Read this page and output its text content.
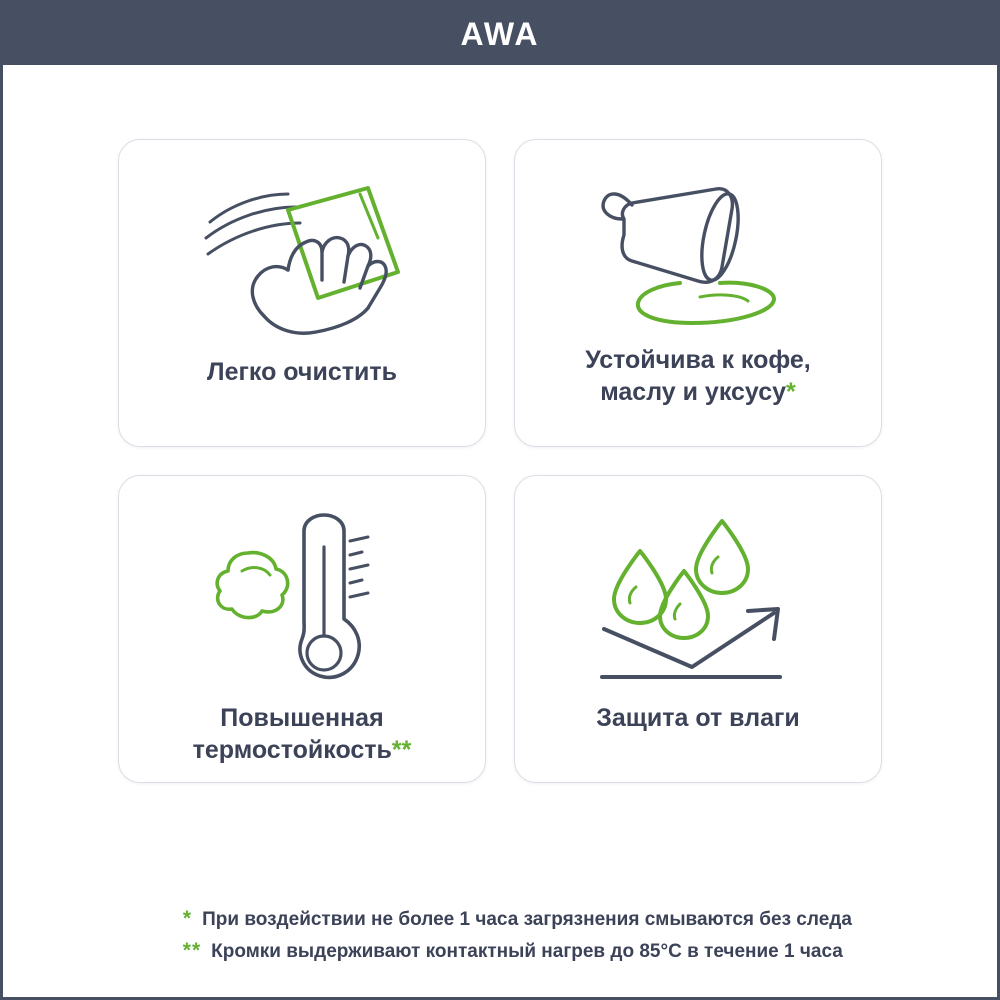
AWA
Легко очистить	Устойчива к кофе,
маслу и уксусу*
Повышенная
термостойкость**
Защита от влаги
* При воздействии не более 1 часа загрязнения смываются без следа
** Кромки выдерживают контактный нагрев до 85°C в течение 1 часа
